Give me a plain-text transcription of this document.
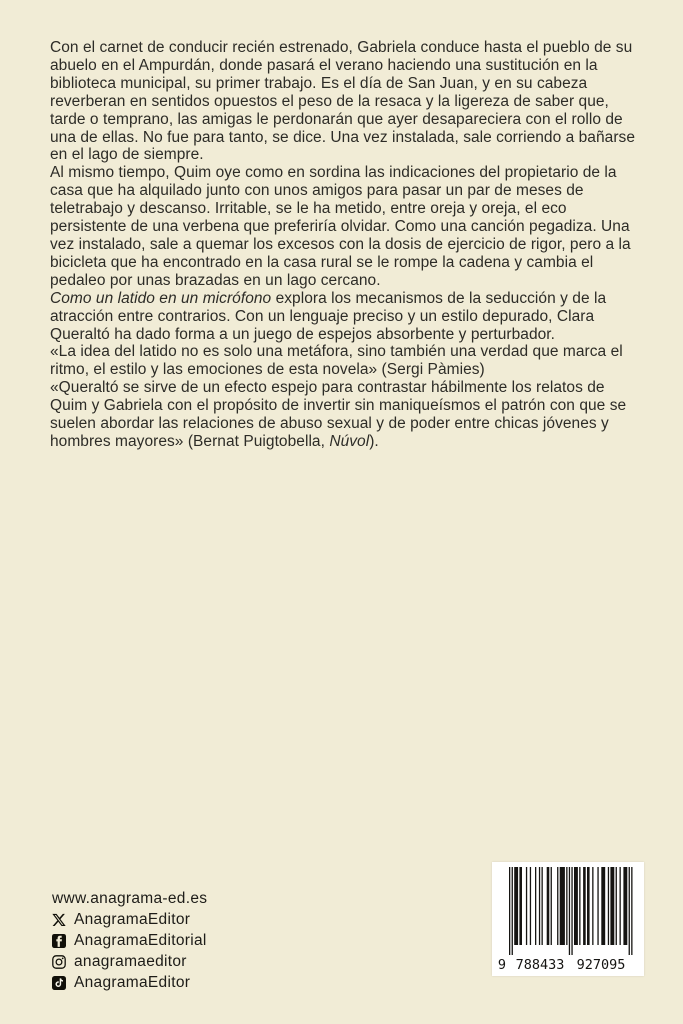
Con el carnet de conducir recién estrenado, Gabriela conduce hasta el pueblo de su abuelo en el Ampurdán, donde pasará el verano haciendo una sustitución en la biblioteca municipal, su primer trabajo. Es el día de San Juan, y en su cabeza reverberan en sentidos opuestos el peso de la resaca y la ligereza de saber que, tarde o temprano, las amigas le perdonarán que ayer desapareciera con el rollo de una de ellas. No fue para tanto, se dice. Una vez instalada, sale corriendo a bañarse en el lago de siempre.

Al mismo tiempo, Quim oye como en sordina las indicaciones del propietario de la casa que ha alquilado junto con unos amigos para pasar un par de meses de teletrabajo y descanso. Irritable, se le ha metido, entre oreja y oreja, el eco persistente de una verbena que preferiría olvidar. Como una canción pegadiza. Una vez instalado, sale a quemar los excesos con la dosis de ejercicio de rigor, pero a la bicicleta que ha encontrado en la casa rural se le rompe la cadena y cambia el pedaleo por unas brazadas en un lago cercano.

Como un latido en un micrófono explora los mecanismos de la seducción y de la atracción entre contrarios. Con un lenguaje preciso y un estilo depurado, Clara Queraltó ha dado forma a un juego de espejos absorbente y perturbador.

«La idea del latido no es solo una metáfora, sino también una verdad que marca el ritmo, el estilo y las emociones de esta novela» (Sergi Pàmies)

«Queraltó se sirve de un efecto espejo para contrastar hábilmente los relatos de Quim y Gabriela con el propósito de invertir sin maniqueísmos el patrón con que se suelen abordar las relaciones de abuso sexual y de poder entre chicas jóvenes y hombres mayores» (Bernat Puigtobella, Núvol).

www.anagrama-ed.es
AnagramaEditor
AnagramaEditorial
anagramaeditor
AnagramaEditor
9 788433 927095
